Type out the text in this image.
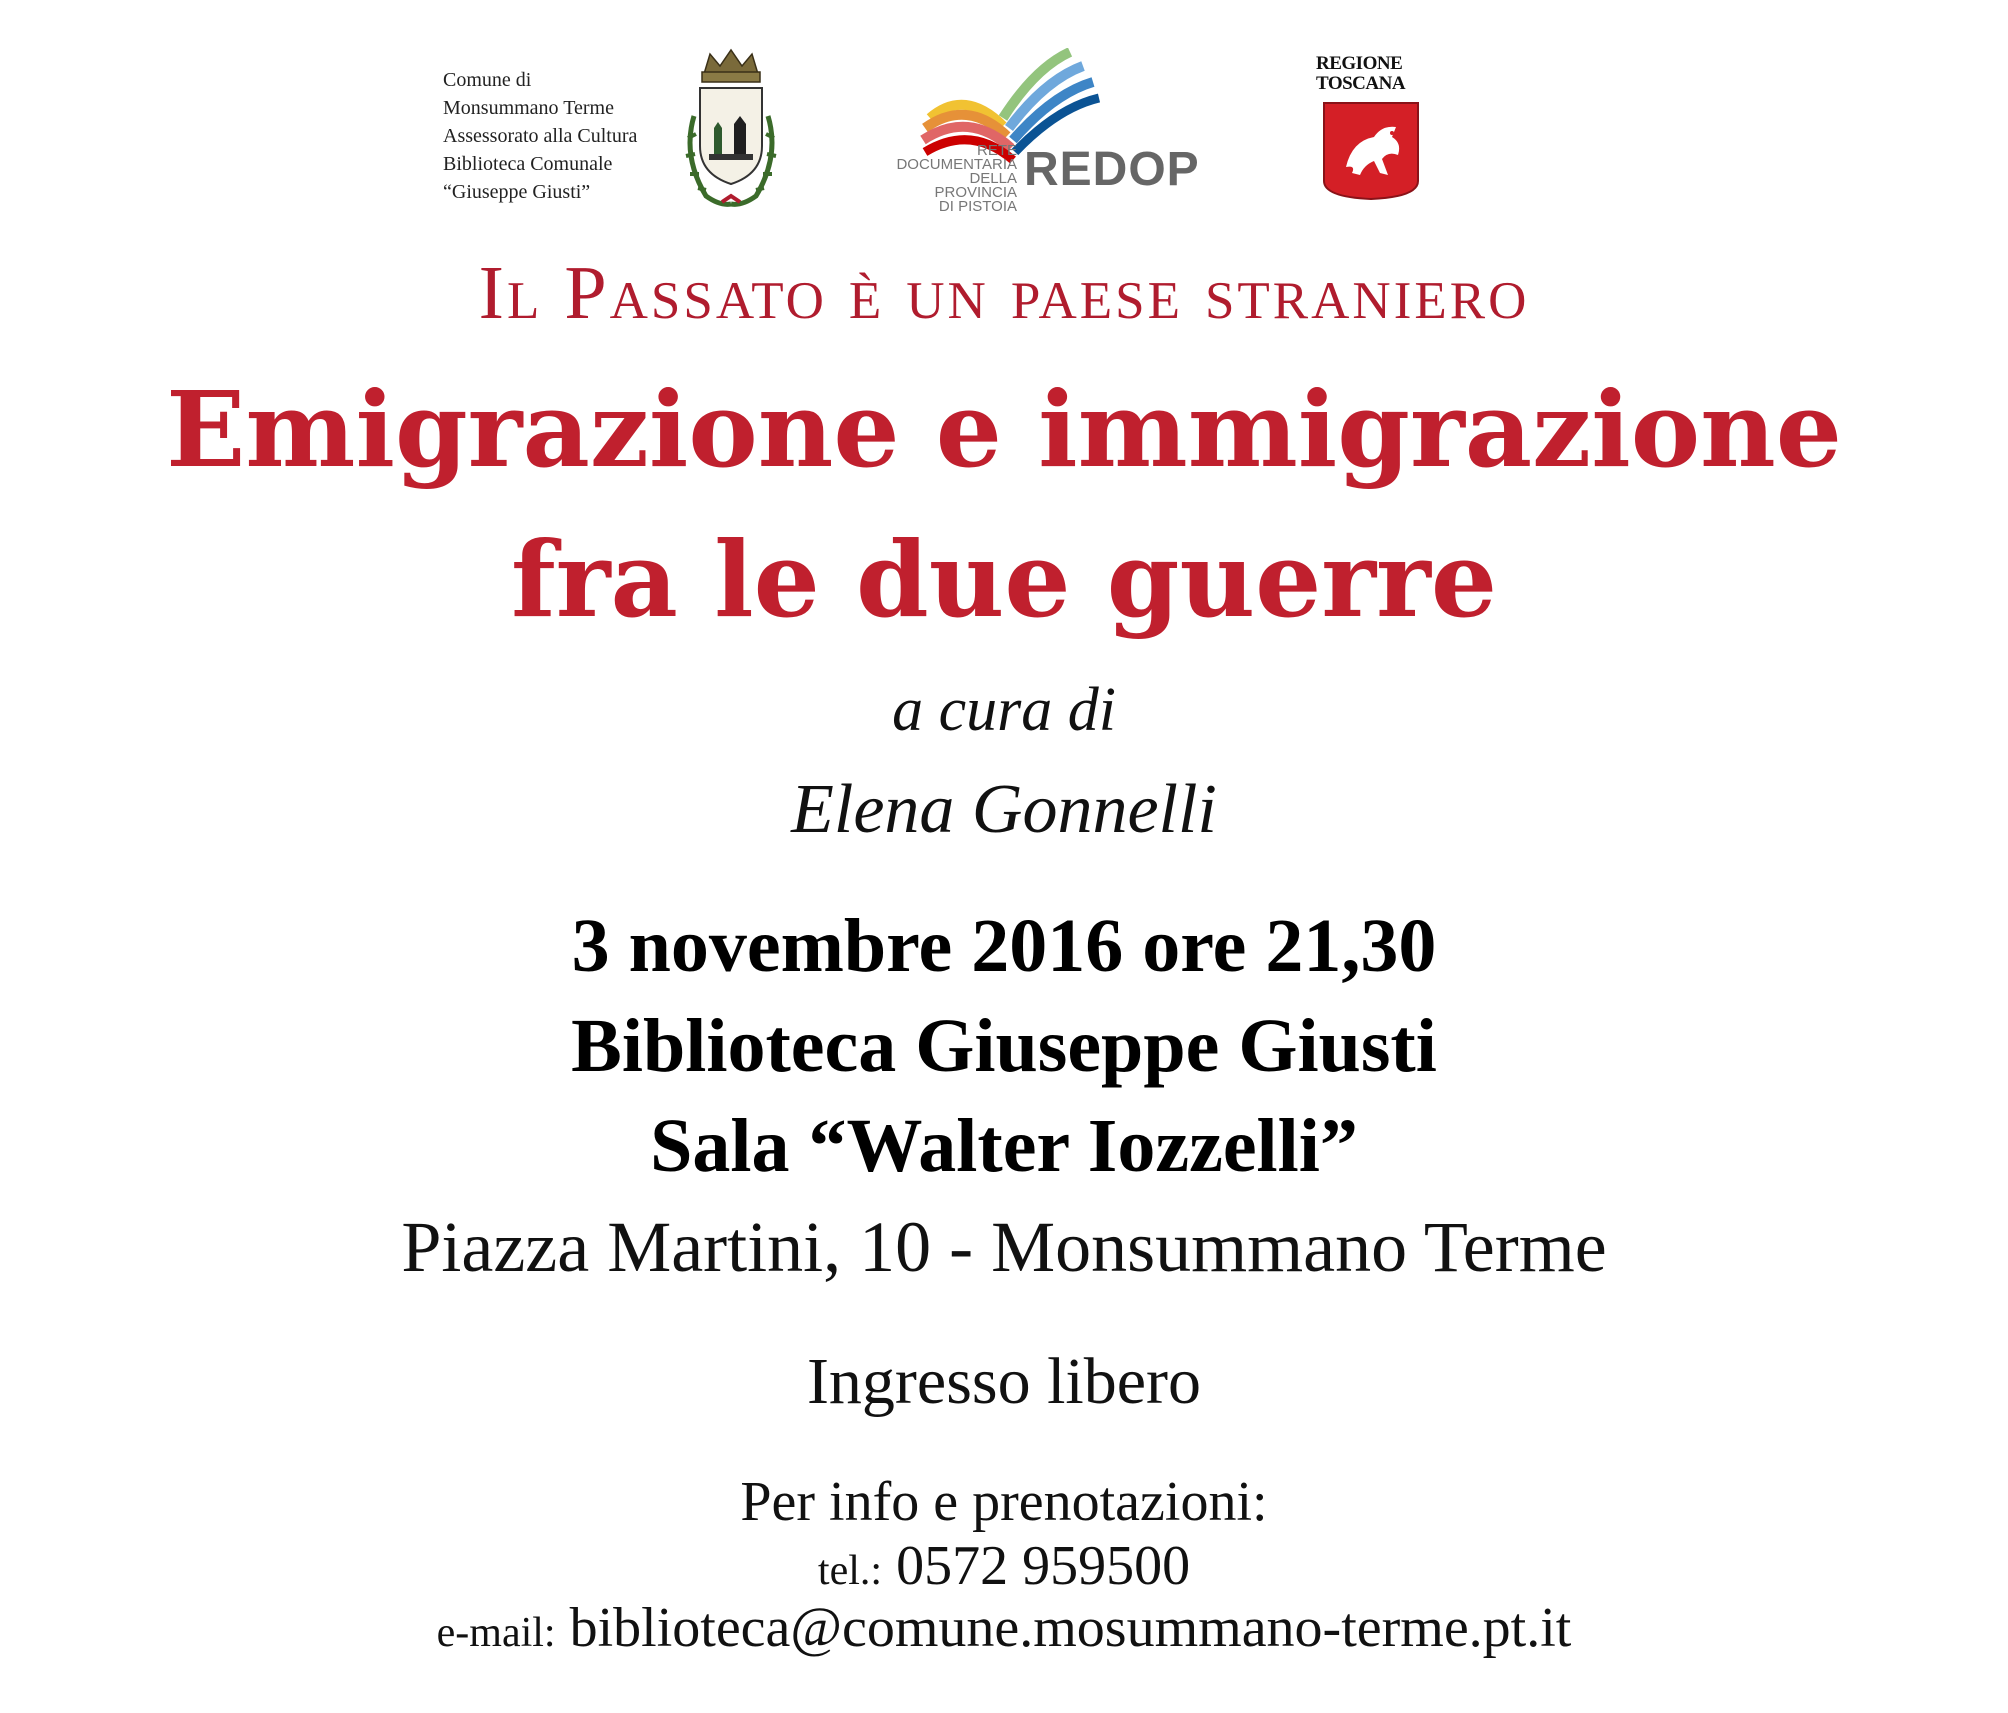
Comune di
Monsummano Terme
Assessorato alla Cultura
Biblioteca Comunale
“Giuseppe Giusti”
RETE
DOCUMENTARIA
DELLA PROVINCIA
DI PISTOIA
REDOP
REGIONE
TOSCANA
Il Passato è un paese straniero
Emigrazione e immigrazione
fra le due guerre
a cura di
Elena Gonnelli
3 novembre 2016 ore 21,30
Biblioteca Giuseppe Giusti
Sala “Walter Iozzelli”
Piazza Martini, 10 - Monsummano Terme
Ingresso libero
Per info e prenotazioni:
tel.: 0572 959500
e-mail: biblioteca@comune.mosummano-terme.pt.it
